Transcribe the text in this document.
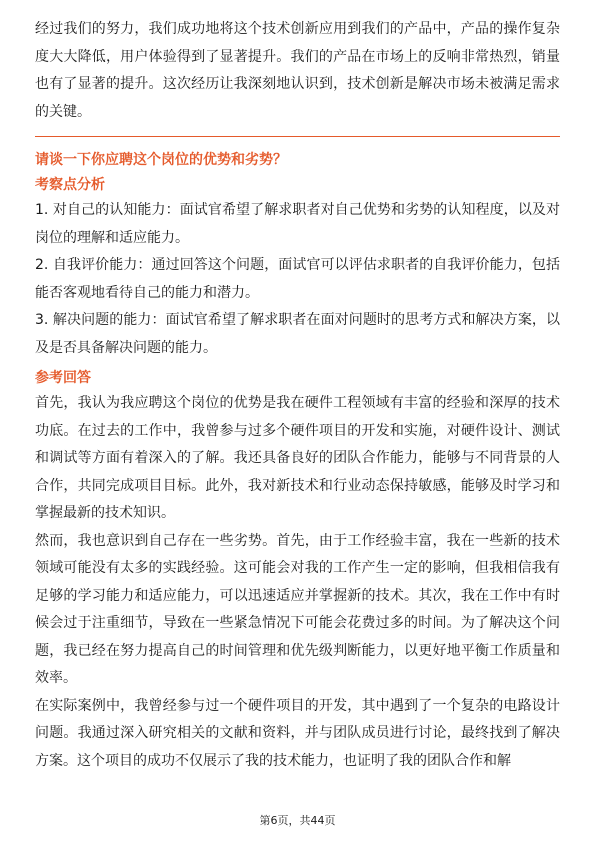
经过我们的努力，我们成功地将这个技术创新应用到我们的产品中，产品的操作复杂度大大降低，用户体验得到了显著提升。我们的产品在市场上的反响非常热烈，销量也有了显著的提升。这次经历让我深刻地认识到，技术创新是解决市场未被满足需求的关键。

请谈一下你应聘这个岗位的优势和劣势？

考察点分析

1. 对自己的认知能力：面试官希望了解求职者对自己优势和劣势的认知程度，以及对岗位的理解和适应能力。

2. 自我评价能力：通过回答这个问题，面试官可以评估求职者的自我评价能力，包括能否客观地看待自己的能力和潜力。

3. 解决问题的能力：面试官希望了解求职者在面对问题时的思考方式和解决方案，以及是否具备解决问题的能力。

参考回答

首先，我认为我应聘这个岗位的优势是我在硬件工程领域有丰富的经验和深厚的技术功底。在过去的工作中，我曾参与过多个硬件项目的开发和实施，对硬件设计、测试和调试等方面有着深入的了解。我还具备良好的团队合作能力，能够与不同背景的人合作，共同完成项目目标。此外，我对新技术和行业动态保持敏感，能够及时学习和掌握最新的技术知识。

然而，我也意识到自己存在一些劣势。首先，由于工作经验丰富，我在一些新的技术领域可能没有太多的实践经验。这可能会对我的工作产生一定的影响，但我相信我有足够的学习能力和适应能力，可以迅速适应并掌握新的技术。其次，我在工作中有时候会过于注重细节，导致在一些紧急情况下可能会花费过多的时间。为了解决这个问题，我已经在努力提高自己的时间管理和优先级判断能力，以更好地平衡工作质量和效率。

在实际案例中，我曾经参与过一个硬件项目的开发，其中遇到了一个复杂的电路设计问题。我通过深入研究相关的文献和资料，并与团队成员进行讨论，最终找到了解决方案。这个项目的成功不仅展示了我的技术能力，也证明了我的团队合作和解

第6页，共44页
